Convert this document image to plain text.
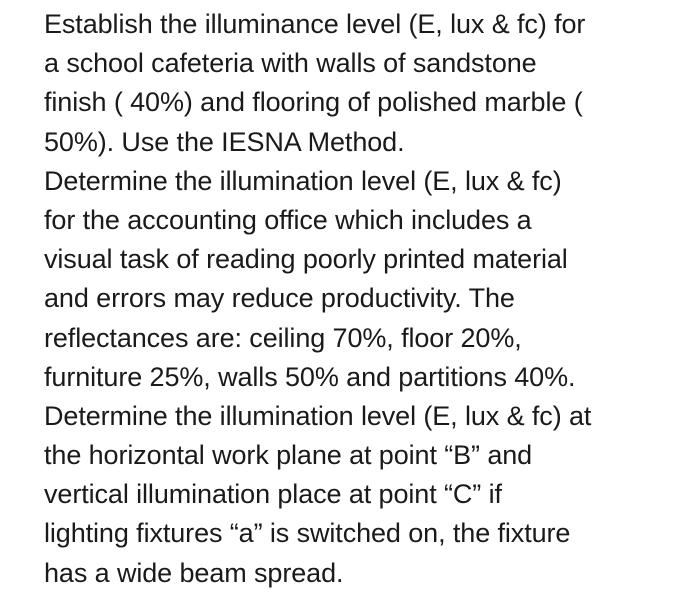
Establish the illuminance level (E, lux & fc) for
a school cafeteria with walls of sandstone
finish ( 40%) and flooring of polished marble (
50%). Use the IESNA Method.
Determine the illumination level (E, lux & fc)
for the accounting office which includes a
visual task of reading poorly printed material
and errors may reduce productivity. The
reflectances are: ceiling 70%, floor 20%,
furniture 25%, walls 50% and partitions 40%.
Determine the illumination level (E, lux & fc) at
the horizontal work plane at point “B” and
vertical illumination place at point “C” if
lighting fixtures “a” is switched on, the fixture
has a wide beam spread.
